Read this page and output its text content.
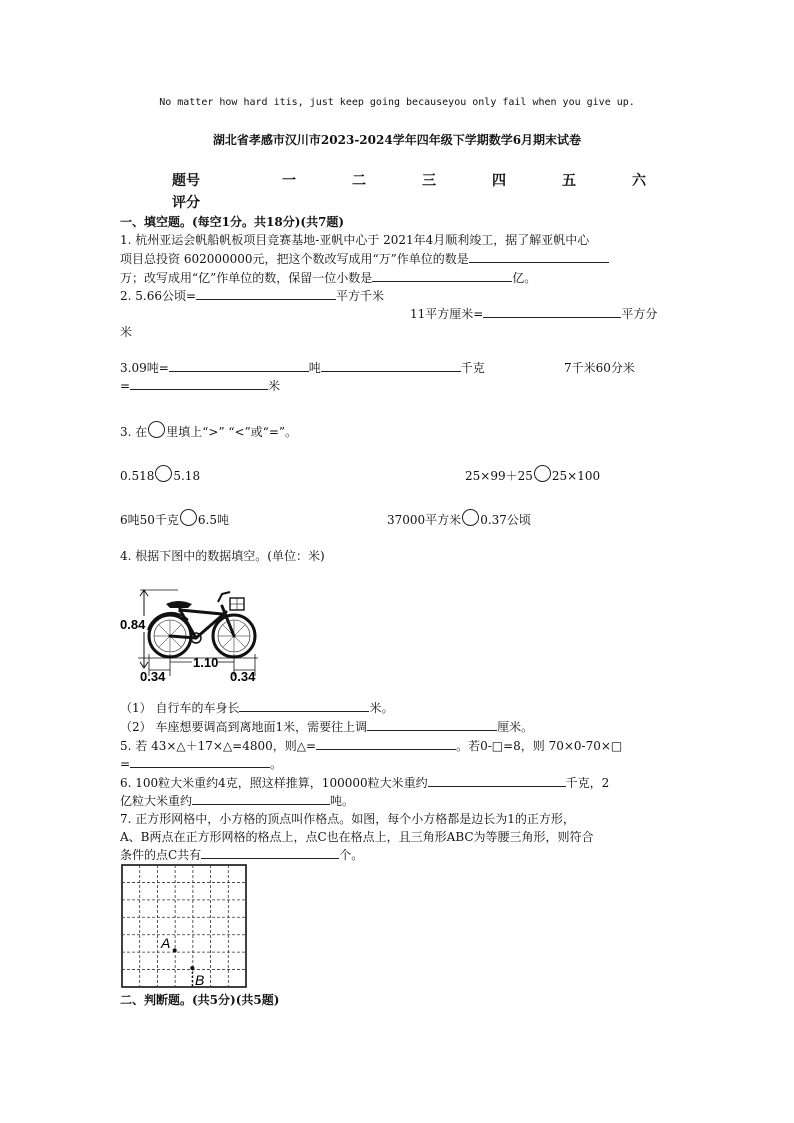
No matter how hard itis, just keep going becauseyou only fail when you give up.
湖北省孝感市汉川市2023-2024学年四年级下学期数学6月期末试卷
题号	一	二	三	四	五	六
评分
一、填空题。(每空1分。共18分)(共7题)
1. 杭州亚运会帆船帆板项目竞赛基地-亚帆中心于 2021年4月顺利竣工，据了解亚帆中心
项目总投资 602000000元，把这个数改写成用“万”作单位的数是
万；改写成用“亿”作单位的数，保留一位小数是	亿。
2. 5.66公顷=	平方千米
11平方厘米=	平方分
米
3.09吨=	吨	千克	7千米60分米
=	米
3. 在 里填上“>” “<”或“=”。
0.518 5.18	25×99＋25 25×100
6吨50千克 6.5吨	37000平方米 0.37公顷
4. 根据下图中的数据填空。(单位：米)
0.84
1.10
0.34	0.34
（1） 自行车的车身长	米。
（2） 车座想要调高到离地面1米，需要往上调	厘米。
5. 若 43×△＋17×△=4800，则△=	。若0-□=8，则 70×0-70×□
=	。
6. 100粒大米重约4克，照这样推算，100000粒大米重约	千克，2
亿粒大米重约	吨。
7. 正方形网格中，小方格的顶点叫作格点。如图，每个小方格都是边长为1的正方形，
A、B两点在正方形网格的格点上，点C也在格点上，且三角形ABC为等腰三角形，则符合
条件的点C共有	个。
A
B
二、判断题。(共5分)(共5题)
